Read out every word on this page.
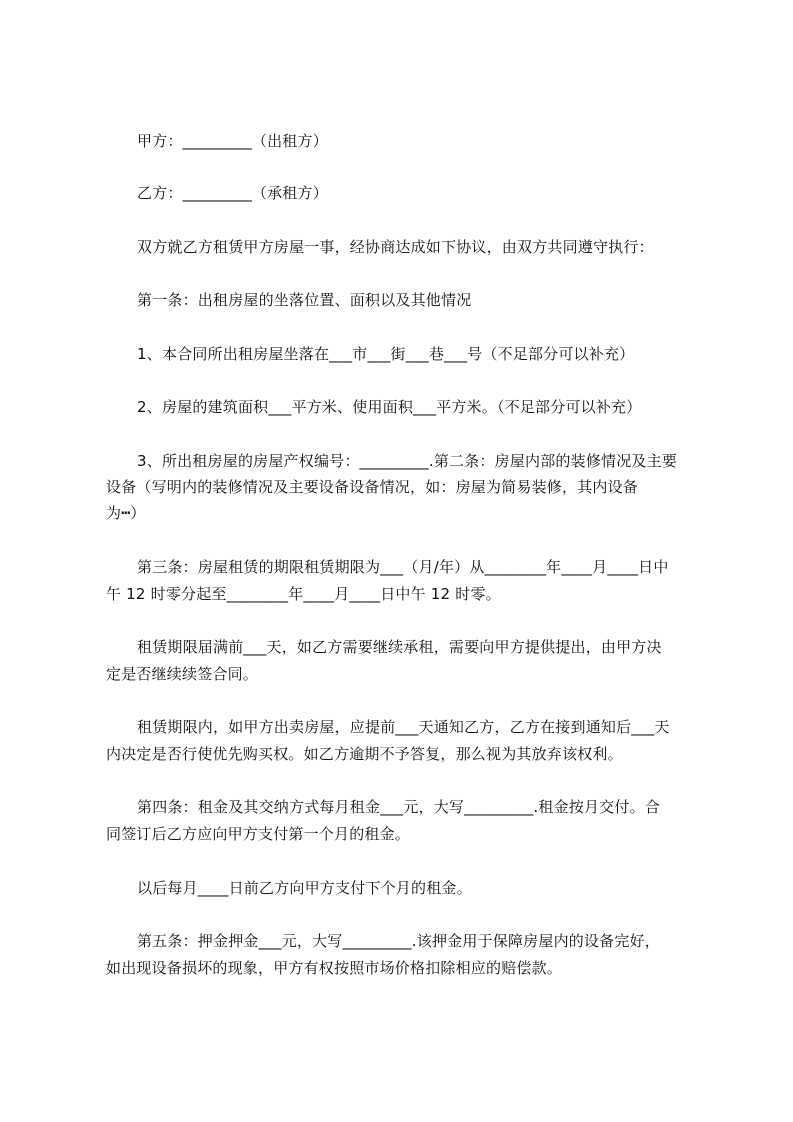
甲方：_________（出租方）
乙方：_________（承租方）
双方就乙方租赁甲方房屋一事，经协商达成如下协议，由双方共同遵守执行：
第一条：出租房屋的坐落位置、面积以及其他情况
1、本合同所出租房屋坐落在___市___街___巷___号（不足部分可以补充）
2、房屋的建筑面积___平方米、使用面积___平方米。（不足部分可以补充）
3、所出租房屋的房屋产权编号：_________.第二条：房屋内部的装修情况及主要
设备（写明内的装修情况及主要设备设备情况，如：房屋为简易装修，其内设备
为┅）
第三条：房屋租赁的期限租赁期限为___（月/年）从________年____月____日中
午 12 时零分起至________年____月____日中午 12 时零。
租赁期限届满前___天，如乙方需要继续承租，需要向甲方提供提出，由甲方决
定是否继续续签合同。
租赁期限内，如甲方出卖房屋，应提前___天通知乙方，乙方在接到通知后___天
内决定是否行使优先购买权。如乙方逾期不予答复，那么视为其放弃该权利。
第四条：租金及其交纳方式每月租金___元，大写_________.租金按月交付。合
同签订后乙方应向甲方支付第一个月的租金。
以后每月____日前乙方向甲方支付下个月的租金。
第五条：押金押金___元，大写_________.该押金用于保障房屋内的设备完好，
如出现设备损坏的现象，甲方有权按照市场价格扣除相应的赔偿款。
